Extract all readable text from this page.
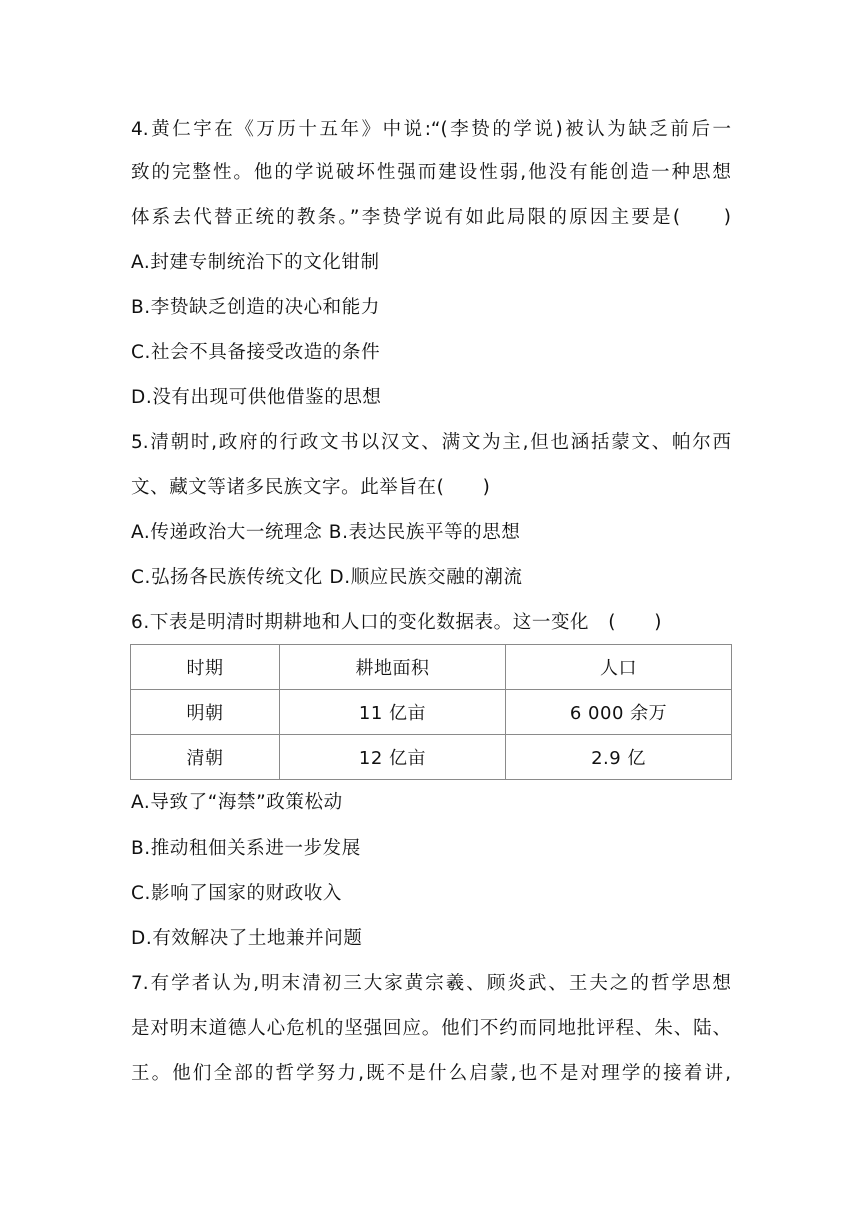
4.黄仁宇在《万历十五年》中说:“(李贽的学说)被认为缺乏前后一
致的完整性。他的学说破坏性强而建设性弱,他没有能创造一种思想
体系去代替正统的教条。”李贽学说有如此局限的原因主要是(　　)
A.封建专制统治下的文化钳制
B.李贽缺乏创造的决心和能力
C.社会不具备接受改造的条件
D.没有出现可供他借鉴的思想
5.清朝时,政府的行政文书以汉文、满文为主,但也涵括蒙文、帕尔西
文、藏文等诸多民族文字。此举旨在(　　)
A.传递政治大一统理念 B.表达民族平等的思想
C.弘扬各民族传统文化 D.顺应民族交融的潮流
6.下表是明清时期耕地和人口的变化数据表。这一变化　(　　)
时期	耕地面积	人口
明朝	11 亿亩	6 000 余万
清朝	12 亿亩	2.9 亿
A.导致了“海禁”政策松动
B.推动租佃关系进一步发展
C.影响了国家的财政收入
D.有效解决了土地兼并问题
7.有学者认为,明末清初三大家黄宗羲、顾炎武、王夫之的哲学思想
是对明末道德人心危机的坚强回应。他们不约而同地批评程、朱、陆、
王。他们全部的哲学努力,既不是什么启蒙,也不是对理学的接着讲,
